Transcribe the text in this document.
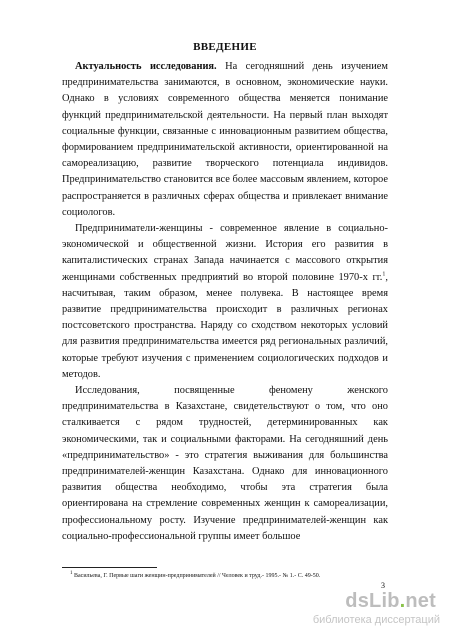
ВВЕДЕНИЕ

Актуальность исследования. На сегодняшний день изучением предпринимательства занимаются, в основном, экономические науки. Однако в условиях современного общества меняется понимание функций предпринимательской деятельности. На первый план выходят социальные функции, связанные с инновационным развитием общества, формированием предпринимательской активности, ориентированной на самореализацию, развитие творческого потенциала индивидов. Предпринимательство становится все более массовым явлением, которое распространяется в различных сферах общества и привлекает внимание социологов.

Предприниматели-женщины - современное явление в социально-экономической и общественной жизни. История его развития в капиталистических странах Запада начинается с массового открытия женщинами собственных предприятий во второй половине 1970-х гг.$^1$, насчитывая, таким образом, менее полувека. В настоящее время развитие предпринимательства происходит в различных регионах постсоветского пространства. Наряду со сходством некоторых условий для развития предпринимательства имеется ряд региональных различий, которые требуют изучения с применением социологических подходов и методов.

Исследования, посвященные феномену женского предпринимательства в Казахстане, свидетельствуют о том, что оно сталкивается с рядом трудностей, детерминированных как экономическими, так и социальными факторами. На сегодняшний день «предпринимательство» - это стратегия выживания для большинства предпринимателей-женщин Казахстана. Однако для инновационного развития общества необходимо, чтобы эта стратегия была ориентирована на стремление современных женщин к самореализации, профессиональному росту. Изучение предпринимателей-женщин как социально-профессиональной группы имеет большое

$^1$ Васильева, Г. Первые шаги женщин-предпринимателей // Человек и труд.- 1995.- № 1.- С. 49-50.
3
dsLib.net
библиотека диссертаций
